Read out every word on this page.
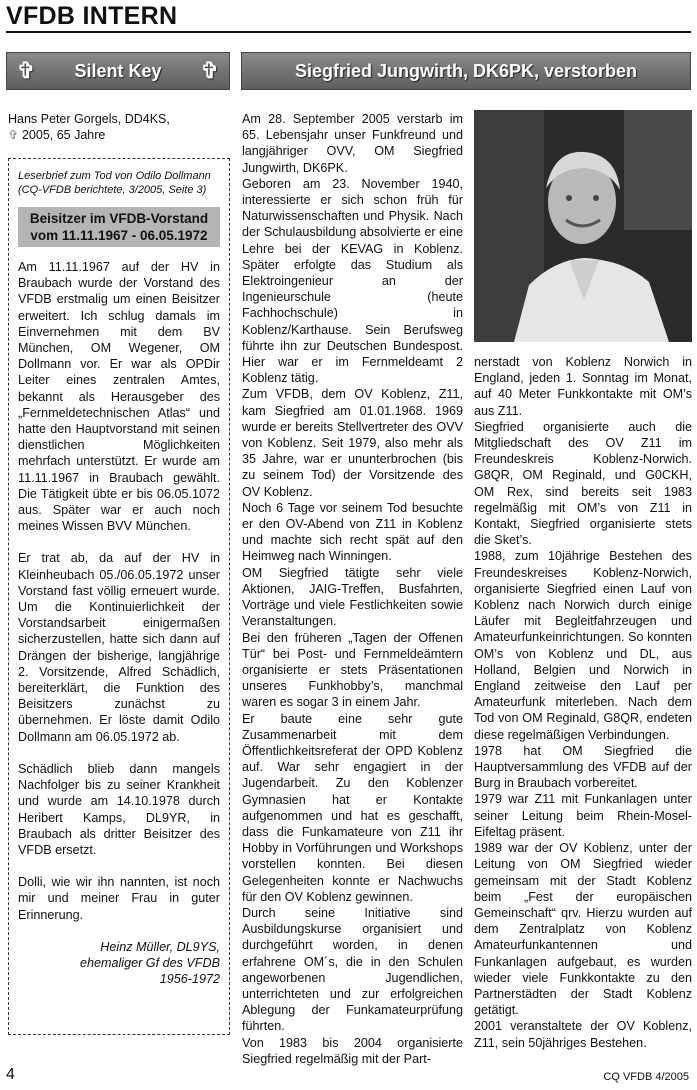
VFDB INTERN
✞ Silent Key ✞	Siegfried Jungwirth, DK6PK, verstorben

Hans Peter Gorgels, DD4KS,

✞ 2005, 65 Jahre

Leserbrief zum Tod von Odilo Dollmann (CQ-VFDB berichtete, 3/2005, Seite 3)

Beisitzer im VFDB-Vorstand
vom 11.11.1967 - 06.05.1972

Am 11.11.1967 auf der HV in Braubach wurde der Vorstand des VFDB erstmalig um einen Beisitzer erweitert. Ich schlug damals im Einvernehmen mit dem BV München, OM Wegener, OM Dollmann vor. Er war als OPDir Leiter eines zentralen Amtes, bekannt als Herausgeber des „Fernmeldetechnischen Atlas“ und hatte den Hauptvorstand mit seinen dienstlichen Möglichkeiten mehrfach unterstützt. Er wurde am 11.11.1967 in Braubach gewählt. Die Tätigkeit übte er bis 06.05.1072 aus. Später war er auch noch meines Wissen BVV München.

Er trat ab, da auf der HV in Kleinheubach 05./06.05.1972 unser Vorstand fast völlig erneuert wurde. Um die Kontinuierlichkeit der Vorstandsarbeit einigermaßen sicherzustellen, hatte sich dann auf Drängen der bisherige, langjährige 2. Vorsitzende, Alfred Schädlich, bereiterklärt, die Funktion des Beisitzers zunächst zu übernehmen. Er löste damit Odilo Dollmann am 06.05.1972 ab.

Schädlich blieb dann mangels Nachfolger bis zu seiner Krankheit und wurde am 14.10.1978 durch Heribert Kamps, DL9YR, in Braubach als dritter Beisitzer des VFDB ersetzt.

Dolli, wie wir ihn nannten, ist noch mir und meiner Frau in guter Erinnerung.

Heinz Müller, DL9YS,

ehemaliger Gf des VFDB

1956-1972

Am 28. September 2005 verstarb im 65. Lebensjahr unser Funkfreund und langjähriger OVV, OM Siegfried Jungwirth, DK6PK.

Geboren am 23. November 1940, interessierte er sich schon früh für Naturwissenschaften und Physik. Nach der Schulausbildung absolvierte er eine Lehre bei der KEVAG in Koblenz. Später erfolgte das Studium als Elektroingenieur an der Ingenieurschule (heute Fachhochschule) in Koblenz/Karthause. Sein Berufsweg führte ihn zur Deutschen Bundespost. Hier war er im Fernmeldeamt 2 Koblenz tätig.

Zum VFDB, dem OV Koblenz, Z11, kam Siegfried am 01.01.1968. 1969 wurde er bereits Stellvertreter des OVV von Koblenz. Seit 1979, also mehr als 35 Jahre, war er ununterbrochen (bis zu seinem Tod) der Vorsitzende des OV Koblenz.

Noch 6 Tage vor seinem Tod besuchte er den OV-Abend von Z11 in Koblenz und machte sich recht spät auf den Heimweg nach Winningen.

OM Siegfried tätigte sehr viele Aktionen, JAIG-Treffen, Busfahrten, Vorträge und viele Festlichkeiten sowie Veranstaltungen.

Bei den früheren „Tagen der Offenen Tür“ bei Post- und Fernmeldeämtern organisierte er stets Präsentationen unseres Funkhobby’s, manchmal waren es sogar 3 in einem Jahr.

Er baute eine sehr gute Zusammenarbeit mit dem Öffentlichkeitsreferat der OPD Koblenz auf. War sehr engagiert in der Jugendarbeit. Zu den Koblenzer Gymnasien hat er Kontakte aufgenommen und hat es geschafft, dass die Funkamateure von Z11 ihr Hobby in Vorführungen und Workshops vorstellen konnten. Bei diesen Gelegenheiten konnte er Nachwuchs für den OV Koblenz gewinnen.

Durch seine Initiative sind Ausbildungskurse organisiert und durchgeführt worden, in denen erfahrene OM´s, die in den Schulen angeworbenen Jugendlichen, unterrichteten und zur erfolgreichen Ablegung der Funkamateurprüfung führten.

Von 1983 bis 2004 organisierte Siegfried regelmäßig mit der Part-

nerstadt von Koblenz Norwich in England, jeden 1. Sonntag im Monat, auf 40 Meter Funkkontakte mit OM’s aus Z11.

Siegfried organisierte auch die Mitgliedschaft des OV Z11 im Freundeskreis Koblenz-Norwich. G8QR, OM Reginald, und G0CKH, OM Rex, sind bereits seit 1983 regelmäßig mit OM’s von Z11 in Kontakt, Siegfried organisierte stets die Sket’s.

1988, zum 10jährige Bestehen des Freundeskreises Koblenz-Norwich, organisierte Siegfried einen Lauf von Koblenz nach Norwich durch einige Läufer mit Begleitfahrzeugen und Amateurfunkeinrichtungen. So konnten OM’s von Koblenz und DL, aus Holland, Belgien und Norwich in England zeitweise den Lauf per Amateurfunk miterleben. Nach dem Tod von OM Reginald, G8QR, endeten diese regelmäßigen Verbindungen.

1978 hat OM Siegfried die Hauptversammlung des VFDB auf der Burg in Braubach vorbereitet.

1979 war Z11 mit Funkanlagen unter seiner Leitung beim Rhein-Mosel-Eifeltag präsent.

1989 war der OV Koblenz, unter der Leitung von OM Siegfried wieder gemeinsam mit der Stadt Koblenz beim „Fest der europäischen Gemeinschaft“ qrv. Hierzu wurden auf dem Zentralplatz von Koblenz Amateurfunkantennen und Funkanlagen aufgebaut, es wurden wieder viele Funkkontakte zu den Partnerstädten der Stadt Koblenz getätigt.

2001 veranstaltete der OV Koblenz, Z11, sein 50jähriges Bestehen.

4	CQ VFDB 4/2005
